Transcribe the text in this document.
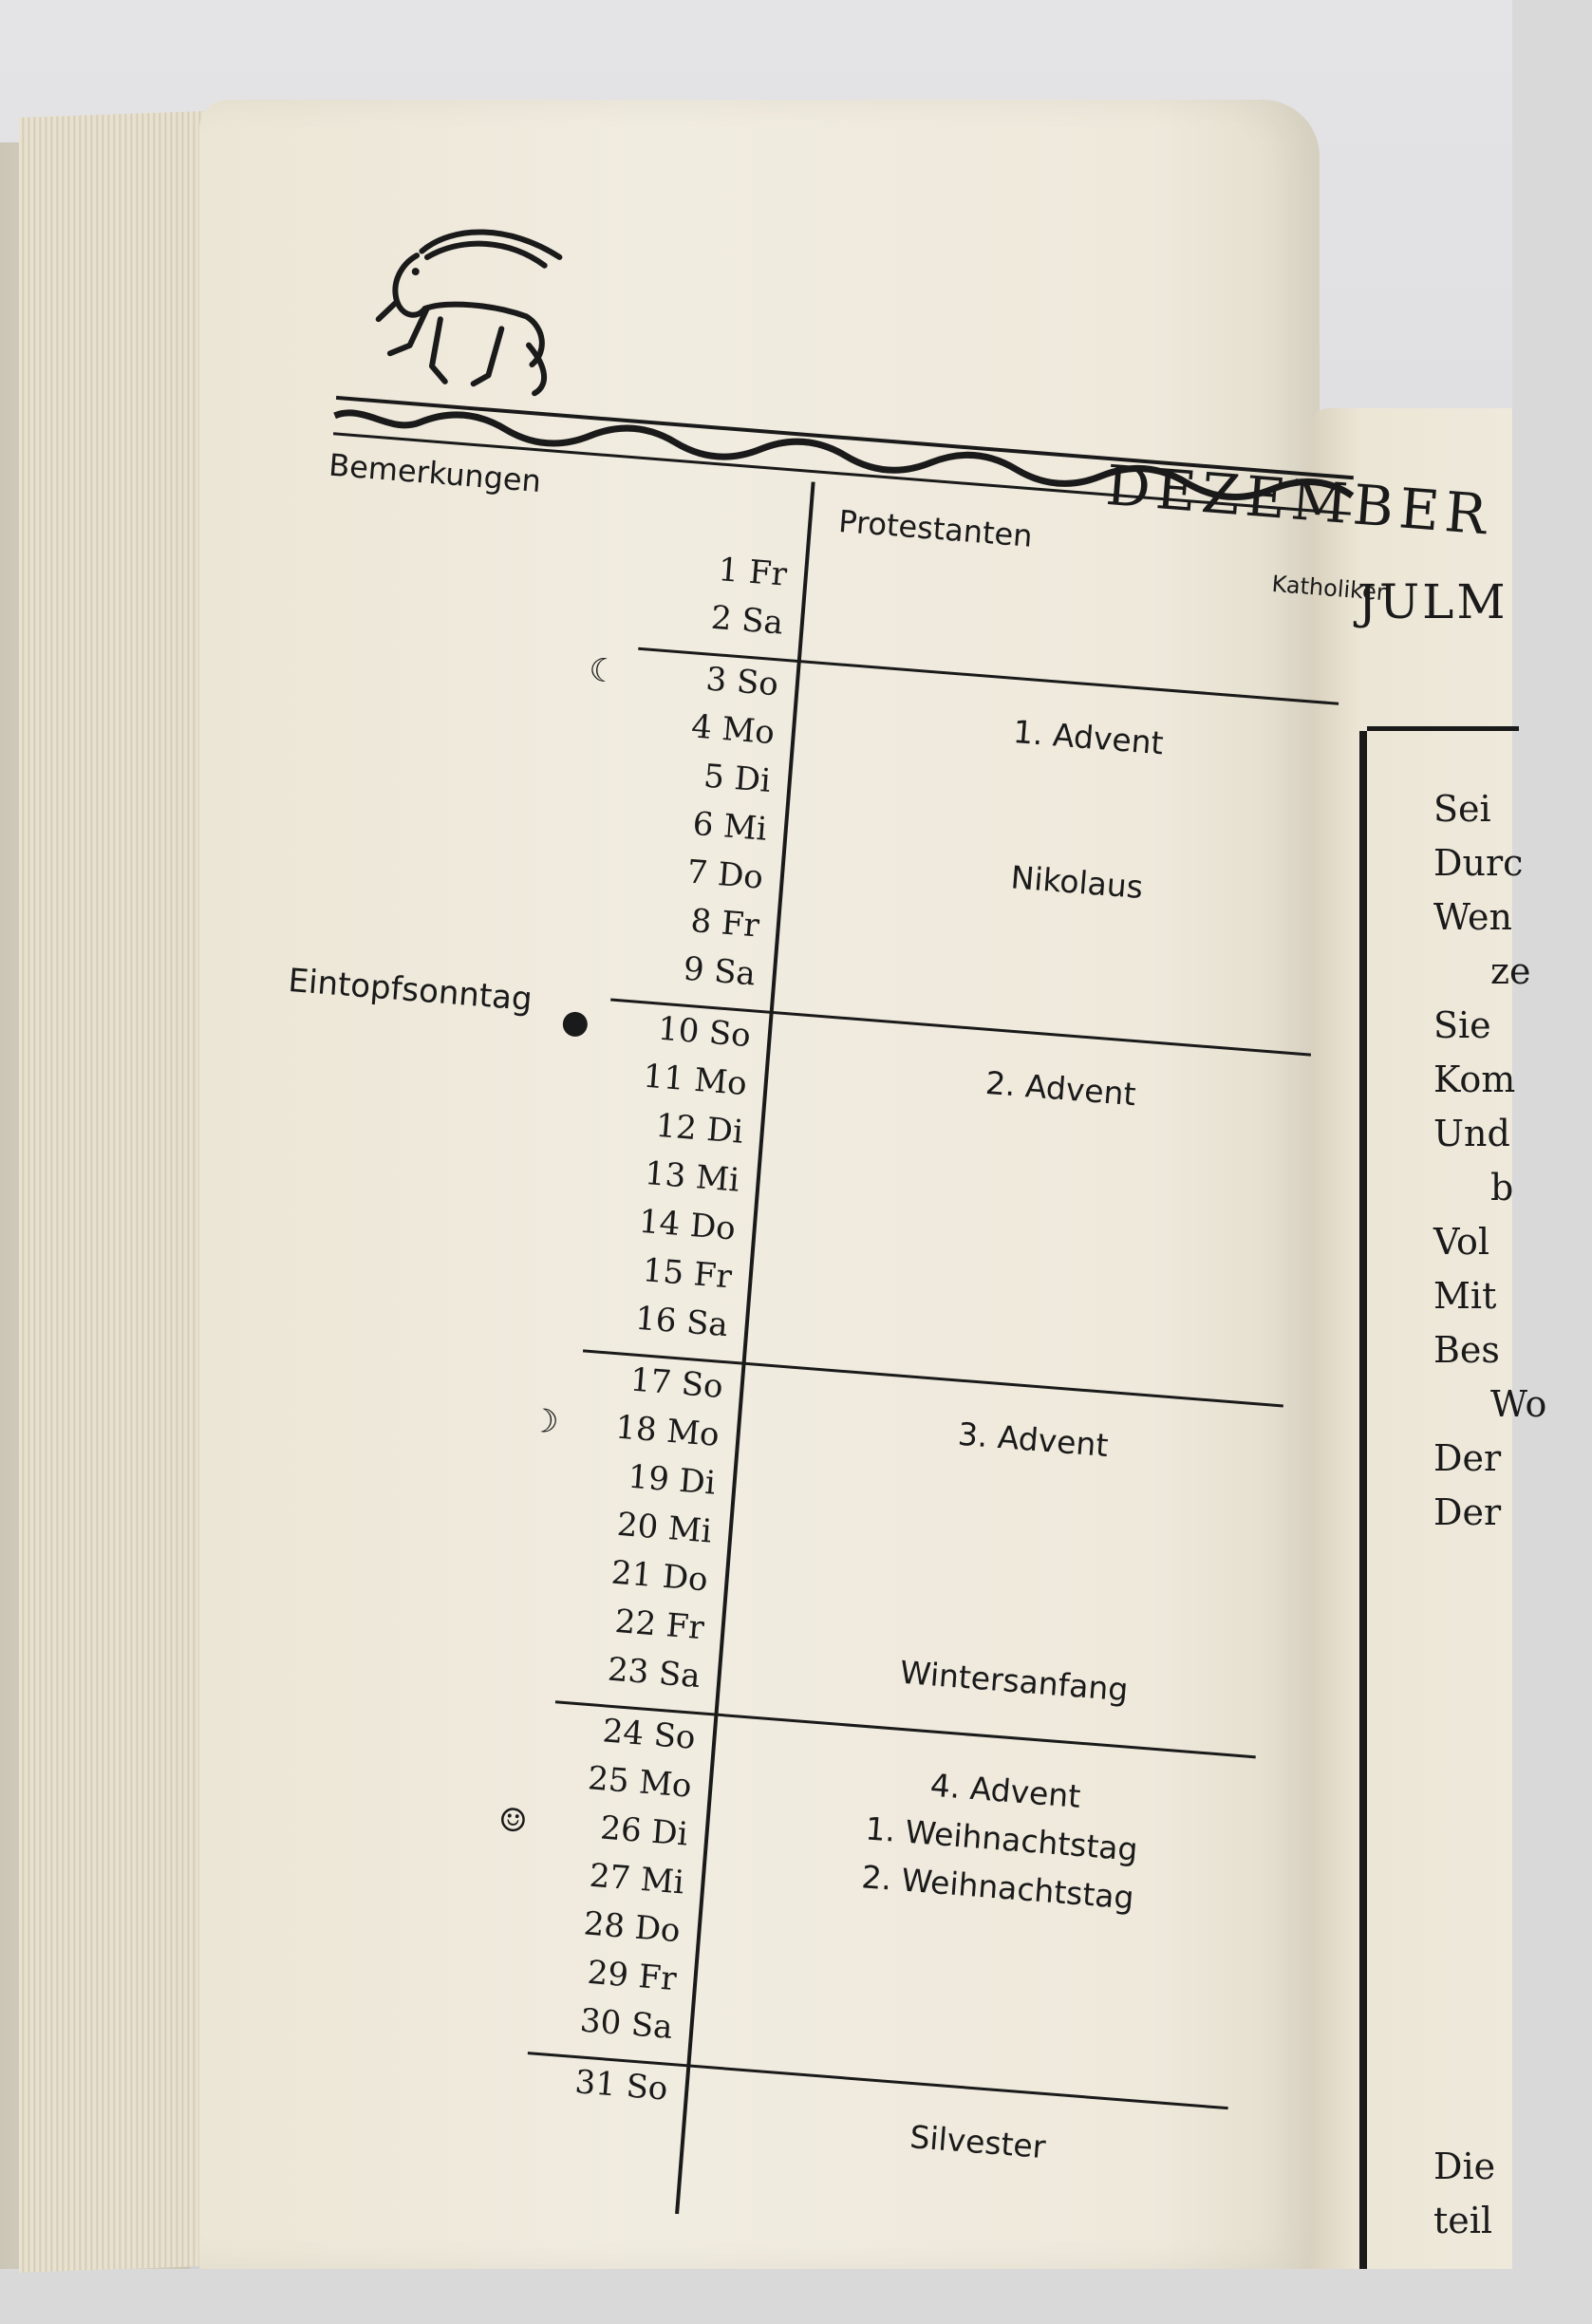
DEZEMBER
Bemerkungen
Protestanten
Katholiken
1 Fr
2 Sa
3 So
☾
4 Mo
5 Di
6 Mi
7 Do
8 Fr
9 Sa
10 So
●
11 Mo
12 Di
13 Mi
14 Do
15 Fr
16 Sa
17 So
18 Mo
☽
19 Di
20 Mi
21 Do
22 Fr
23 Sa
24 So
25 Mo
26 Di
☺
27 Mi
28 Do
29 Fr
30 Sa
31 So
1. Advent
Nikolaus
2. Advent
3. Advent
Wintersanfang
4. Advent
1. Weihnachtstag
2. Weihnachtstag
Silvester
Eintopfsonntag
JULM
Sei
Durc
Wen
ze
Sie
Kom
Und
b
Vol
Mit
Bes
Wo
Der
Der
Die
teil
